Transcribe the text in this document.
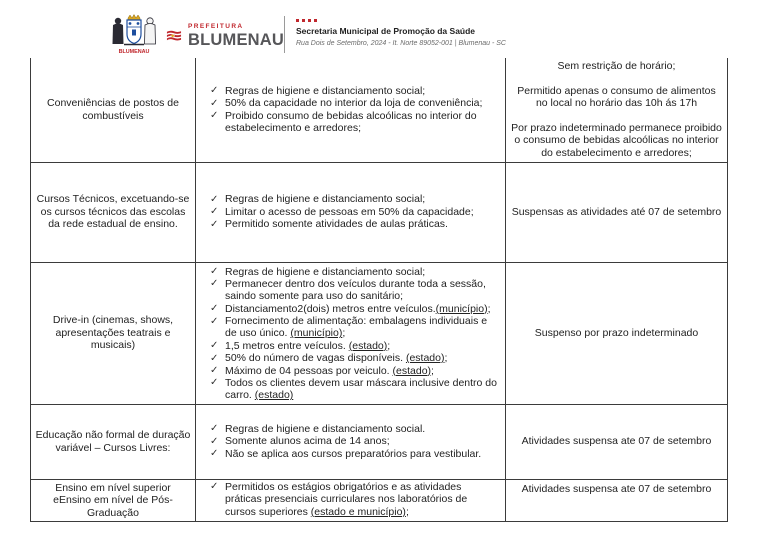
BLUMENAU
PREFEITURA
BLUMENAU Secretaria Municipal de Promoção da Saúde
Rua Dois de Setembro, 2024 - It. Norte 89052-001 | Blumenau - SC
Conveniências de postos de combustíveis	
✓ Regras de higiene e distanciamento social;
✓ 50% da capacidade no interior da loja de conveniência;
✓ Proibido consumo de bebidas alcoólicas no interior do estabelecimento e arredores;

Sem restrição de horário;

Permitido apenas o consumo de alimentos no local no horário das 10h ás 17h

Por prazo indeterminado permanece proibido o consumo de bebidas alcoólicas no interior do estabelecimento e arredores;

Cursos Técnicos, excetuando-se os cursos técnicos das escolas da rede estadual de ensino.	
✓ Regras de higiene e distanciamento social;
✓ Limitar o acesso de pessoas em 50% da capacidade;
✓ Permitido somente atividades de aulas práticas.

Suspensas as atividades até 07 de setembro

Drive-in (cinemas, shows, apresentações teatrais e musicais)	
✓ Regras de higiene e distanciamento social;
✓ Permanecer dentro dos veículos durante toda a sessão, saindo somente para uso do sanitário;
✓ Distanciamento2(dois) metros entre veículos.(município);
✓ Fornecimento de alimentação: embalagens individuais e de uso único. (município);
✓ 1,5 metros entre veículos. (estado);
✓ 50% do número de vagas disponíveis. (estado);
✓ Máximo de 04 pessoas por veiculo. (estado);
✓ Todos os clientes devem usar máscara inclusive dentro do carro. (estado)

Suspenso por prazo indeterminado

Educação não formal de duração variável – Cursos Livres:	
✓ Regras de higiene e distanciamento social.
✓ Somente alunos acima de 14 anos;
✓ Não se aplica aos cursos preparatórios para vestibular.

Atividades suspensa ate 07 de setembro

Ensino em nível superior eEnsino em nível de Pós-Graduação	
✓ Permitidos os estágios obrigatórios e as atividades práticas presenciais curriculares nos laboratórios de cursos superiores (estado e município);

Atividades suspensa ate 07 de setembro
